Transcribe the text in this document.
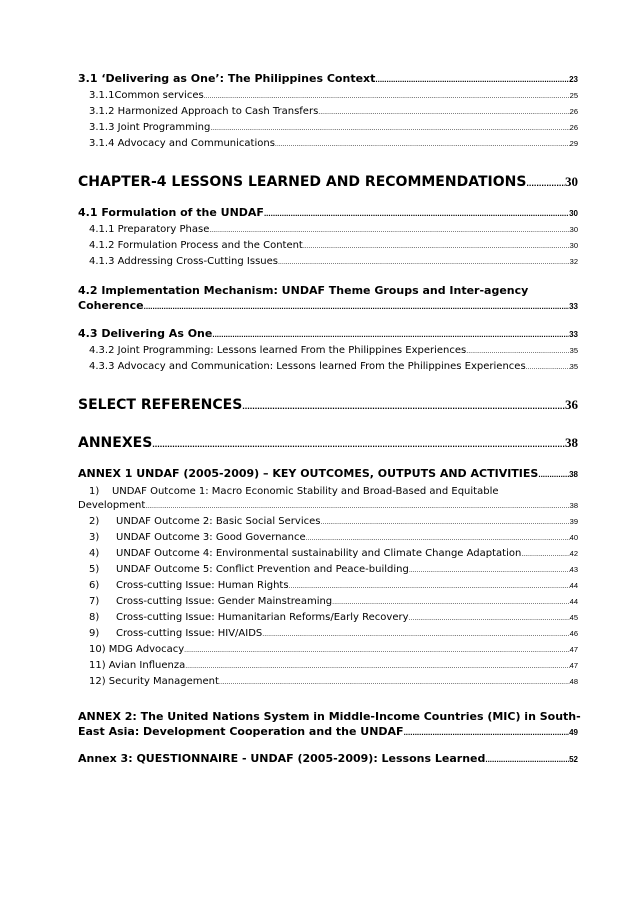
3.1 ‘Delivering as One’: The Philippines Context .....	23
3.1.1Common services .....	25
3.1.2 Harmonized Approach to Cash Transfers .....	26
3.1.3 Joint Programming .....	26
3.1.4 Advocacy and Communications .....	29
CHAPTER-4 LESSONS LEARNED AND RECOMMENDATIONS .....	30
4.1 Formulation of the UNDAF .....	30
4.1.1 Preparatory Phase .....	30
4.1.2 Formulation Process and the Content .....	30
4.1.3 Addressing Cross-Cutting Issues .....	32
4.2 Implementation Mechanism: UNDAF Theme Groups and Inter-agency
Coherence .....	33
4.3 Delivering As One .....	33
4.3.2 Joint Programming: Lessons learned From the Philippines Experiences .....	35
4.3.3 Advocacy and Communication: Lessons learned From the Philippines Experiences .....	35
SELECT REFERENCES .....	36
ANNEXES .....	38
ANNEX 1 UNDAF (2005-2009) – KEY OUTCOMES, OUTPUTS AND ACTIVITIES .....	38
1) UNDAF Outcome 1: Macro Economic Stability and Broad-Based and Equitable
Development .....	38
2) UNDAF Outcome 2: Basic Social Services .....	39
3) UNDAF Outcome 3: Good Governance .....	40
4) UNDAF Outcome 4: Environmental sustainability and Climate Change Adaptation .....	42
5) UNDAF Outcome 5: Conflict Prevention and Peace-building .....	43
6) Cross-cutting Issue: Human Rights .....	44
7) Cross-cutting Issue: Gender Mainstreaming .....	44
8) Cross-cutting Issue: Humanitarian Reforms/Early Recovery .....	45
9) Cross-cutting Issue: HIV/AIDS .....	46
10) MDG Advocacy .....	47
11) Avian Influenza .....	47
12) Security Management .....	48
ANNEX 2: The United Nations System in Middle-Income Countries (MIC) in South-
East Asia: Development Cooperation and the UNDAF .....	49
Annex 3: QUESTIONNAIRE - UNDAF (2005-2009): Lessons Learned .....	52
